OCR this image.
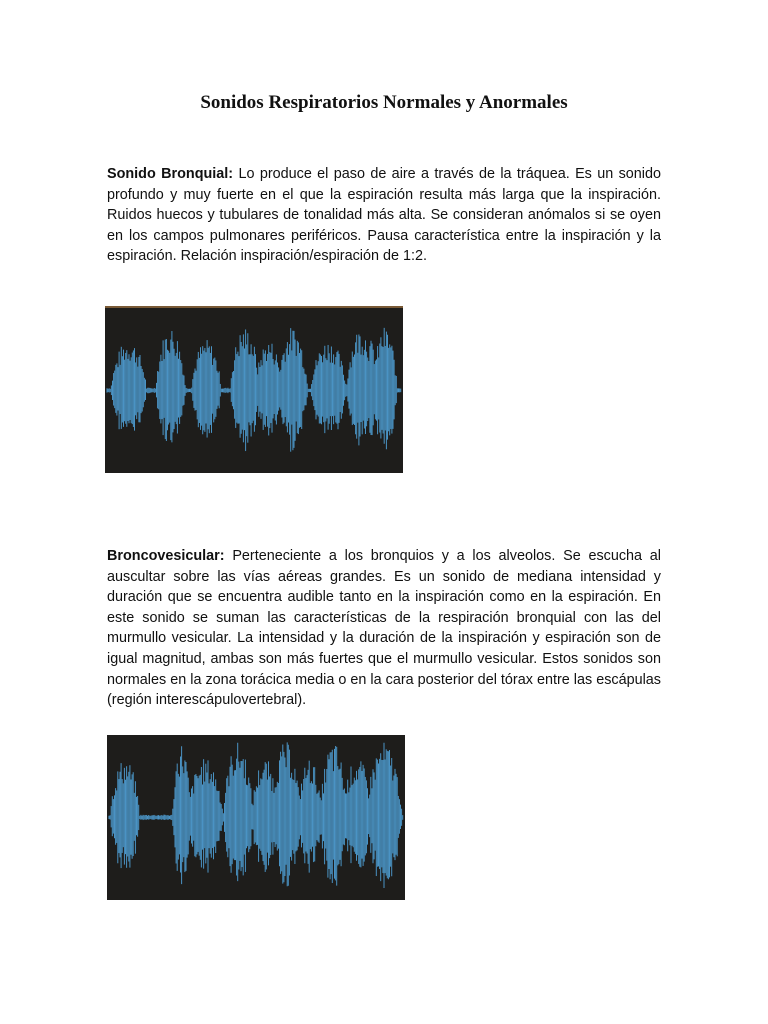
Sonidos Respiratorios Normales y Anormales

Sonido Bronquial: Lo produce el paso de aire a través de la tráquea. Es un sonido profundo y muy fuerte en el que la espiración resulta más larga que la inspiración. Ruidos huecos y tubulares de tonalidad más alta. Se consideran anómalos si se oyen en los campos pulmonares periféricos. Pausa característica entre la inspiración y la espiración. Relación inspiración/espiración de 1:2.

Broncovesicular: Perteneciente a los bronquios y a los alveolos. Se escucha al auscultar sobre las vías aéreas grandes. Es un sonido de mediana intensidad y duración que se encuentra audible tanto en la inspiración como en la espiración. En este sonido se suman las características de la respiración bronquial con las del murmullo vesicular. La intensidad y la duración de la inspiración y espiración son de igual magnitud, ambas son más fuertes que el murmullo vesicular. Estos sonidos son normales en la zona torácica media o en la cara posterior del tórax entre las escápulas (región interescápulovertebral).
